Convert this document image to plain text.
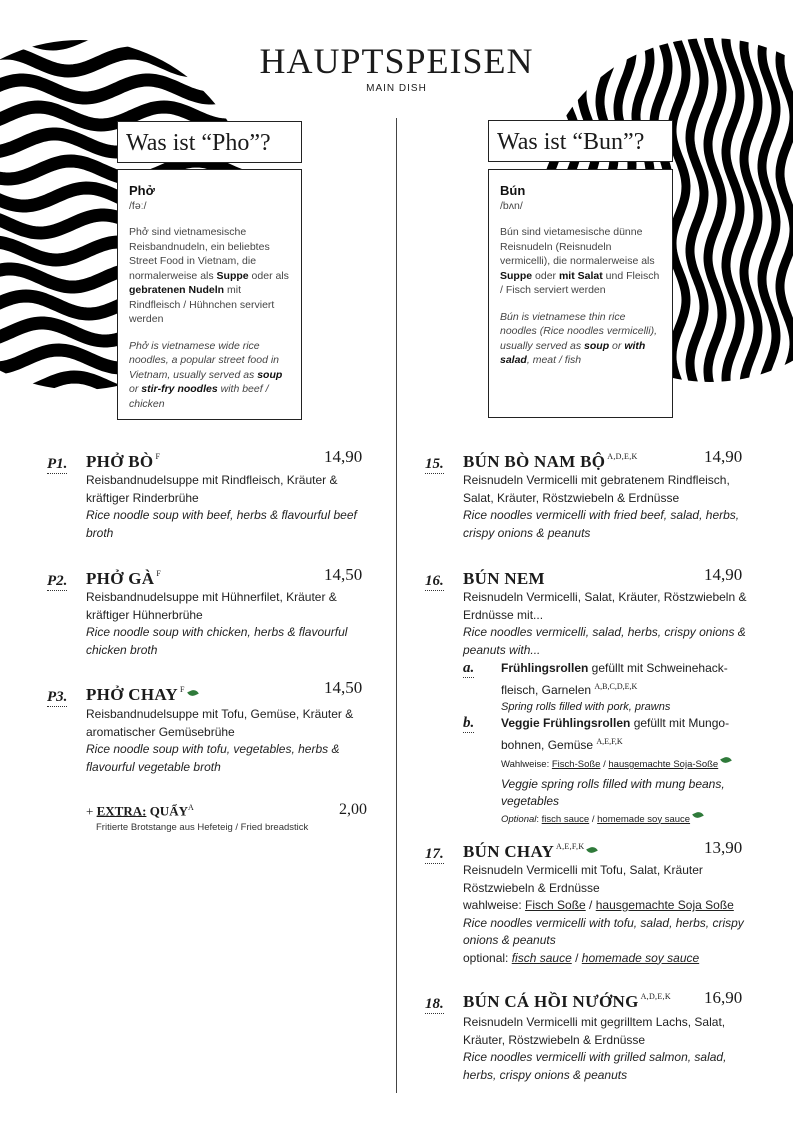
HAUPTSPEISEN
MAIN DISH
Was ist “Pho”?
Phở
/fəː/

Phở sind vietnamesische Reisbandnudeln, ein beliebtes Street Food in Vietnam, die normalerweise als Suppe oder als gebratenen Nudeln mit Rindfleisch / Hühnchen serviert werden

Phở is vietnamese wide rice noodles, a popular street food in Vietnam, usually served as soup or stir-fry noodles with beef / chicken

Was ist “Bun”?
Bún
/bʌn/

Bún sind vietamesische dünne Reisnudeln (Reisnudeln vermicelli), die normalerweise als Suppe oder mit Salat und Fleisch / Fisch serviert werden

Bún is vietnamese thin rice noodles (Rice noodles vermicelli), usually served as soup or with salad, meat / fish

P1. PHỞ BÒ $^F$	14,90
Reisbandnudelsuppe mit Rindfleisch, Kräuter & kräftiger Rinderbrühe
Rice noodle soup with beef, herbs & flavourful beef broth
P2. PHỞ GÀ $^F$	14,50
Reisbandnudelsuppe mit Hühnerfilet, Kräuter & kräftiger Hühnerbrühe
Rice noodle soup with chicken, herbs & flavourful chicken broth
P3. PHỞ CHAY $^F$	14,50
Reisbandnudelsuppe mit Tofu, Gemüse, Kräuter & aromatischer Gemüsebrühe
Rice noodle soup with tofu, vegetables, herbs & flavourful vegetable broth
+ EXTRA: QUẨY$^A$	2,00
Fritierte Brotstange aus Hefeteig / Fried breadstick
15. BÚN BÒ NAM BỘ $^{A,D,E,K}$	14,90
Reisnudeln Vermicelli mit gebratenem Rindfleisch, Salat, Kräuter, Röstzwiebeln & Erdnüsse
Rice noodles vermicelli with fried beef, salad, herbs, crispy onions & peanuts
16. BÚN NEM	14,90
Reisnudeln Vermicelli, Salat, Kräuter, Röstzwiebeln & Erdnüsse mit...
Rice noodles vermicelli, salad, herbs, crispy onions & peanuts with...
a. Frühlingsrollen gefüllt mit Schweinehackfleisch, Garnelen $^{A,B,C,D,E,K}$
Spring rolls filled with pork, prawns
b. Veggie Frühlingsrollen gefüllt mit Mungobohnen, Gemüse $^{A,E,F,K}$
Wahlweise: Fisch-Soße / hausgemachte Soja-Soße
Veggie spring rolls filled with mung beans, vegetables
Optional: fisch sauce / homemade soy sauce
17. BÚN CHAY $^{A,E,F,K}$	13,90
Reisnudeln Vermicelli mit Tofu, Salat, Kräuter Röstzwiebeln & Erdnüsse
wahlweise: Fisch Soße / hausgemachte Soja Soße
Rice noodles vermicelli with tofu, salad, herbs, crispy onions & peanuts
optional: fisch sauce / homemade soy sauce
18. BÚN CÁ HỒI NƯỚNG $^{A,D,E,K}$ 16,90
Reisnudeln Vermicelli mit gegrilltem Lachs, Salat, Kräuter, Röstzwiebeln & Erdnüsse
Rice noodles vermicelli with grilled salmon, salad, herbs, crispy onions & peanuts
